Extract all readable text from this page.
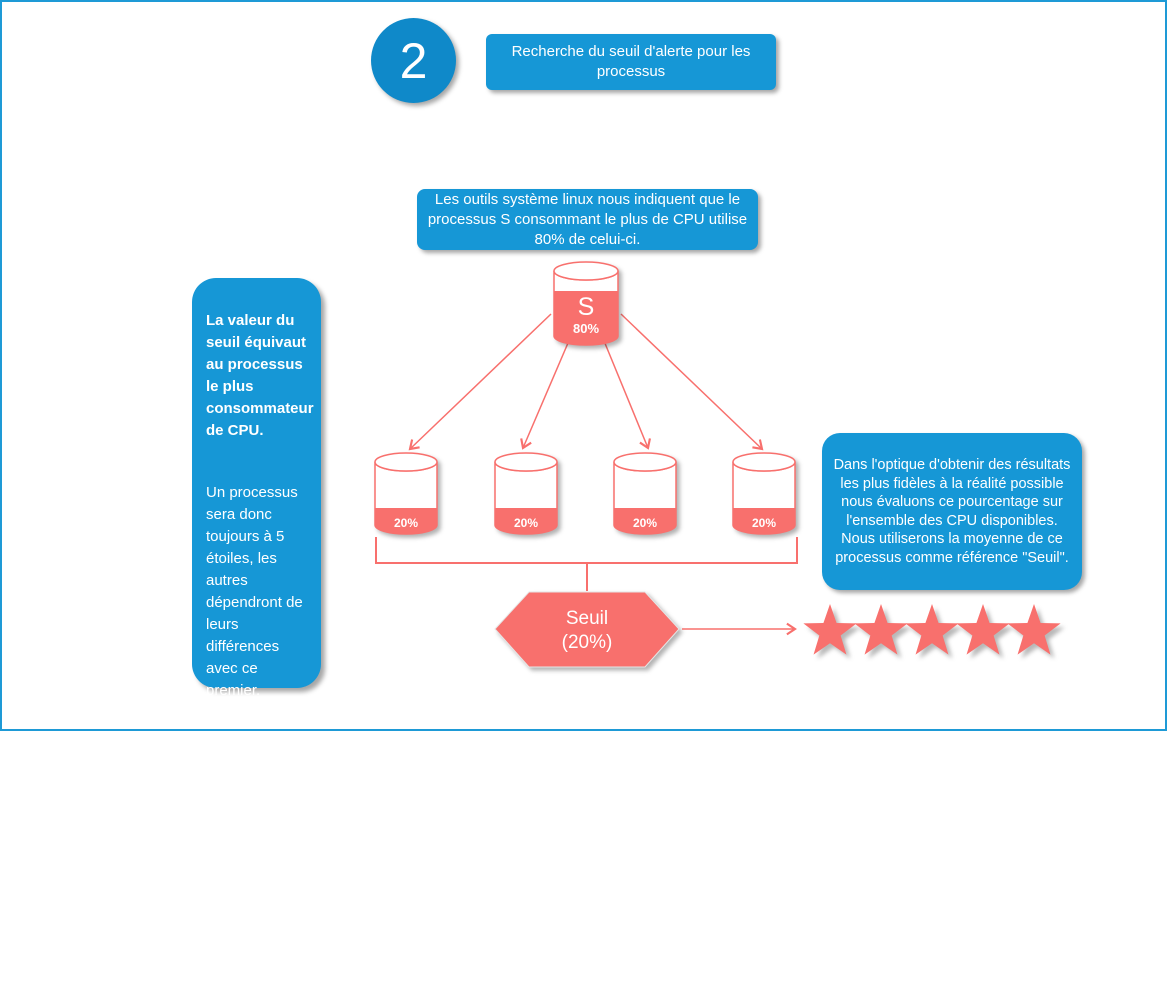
2	Recherche du seuil d'alerte pour les processus
Les outils système linux nous indiquent que le processus S consommant le plus de CPU utilise 80% de celui-ci.

La valeur du seuil équivaut au processus le plus consommateur de CPU.

Un processus sera donc toujours à 5 étoiles, les autres dépendront de leurs différences avec ce premier.

Dans l'optique d'obtenir des résultats les plus fidèles à la réalité possible nous évaluons ce pourcentage sur l'ensemble des CPU disponibles. Nous utiliserons la moyenne de ce processus comme référence "Seuil".
S
80%
20%	20%	20%	20%
Seuil
(20%)
